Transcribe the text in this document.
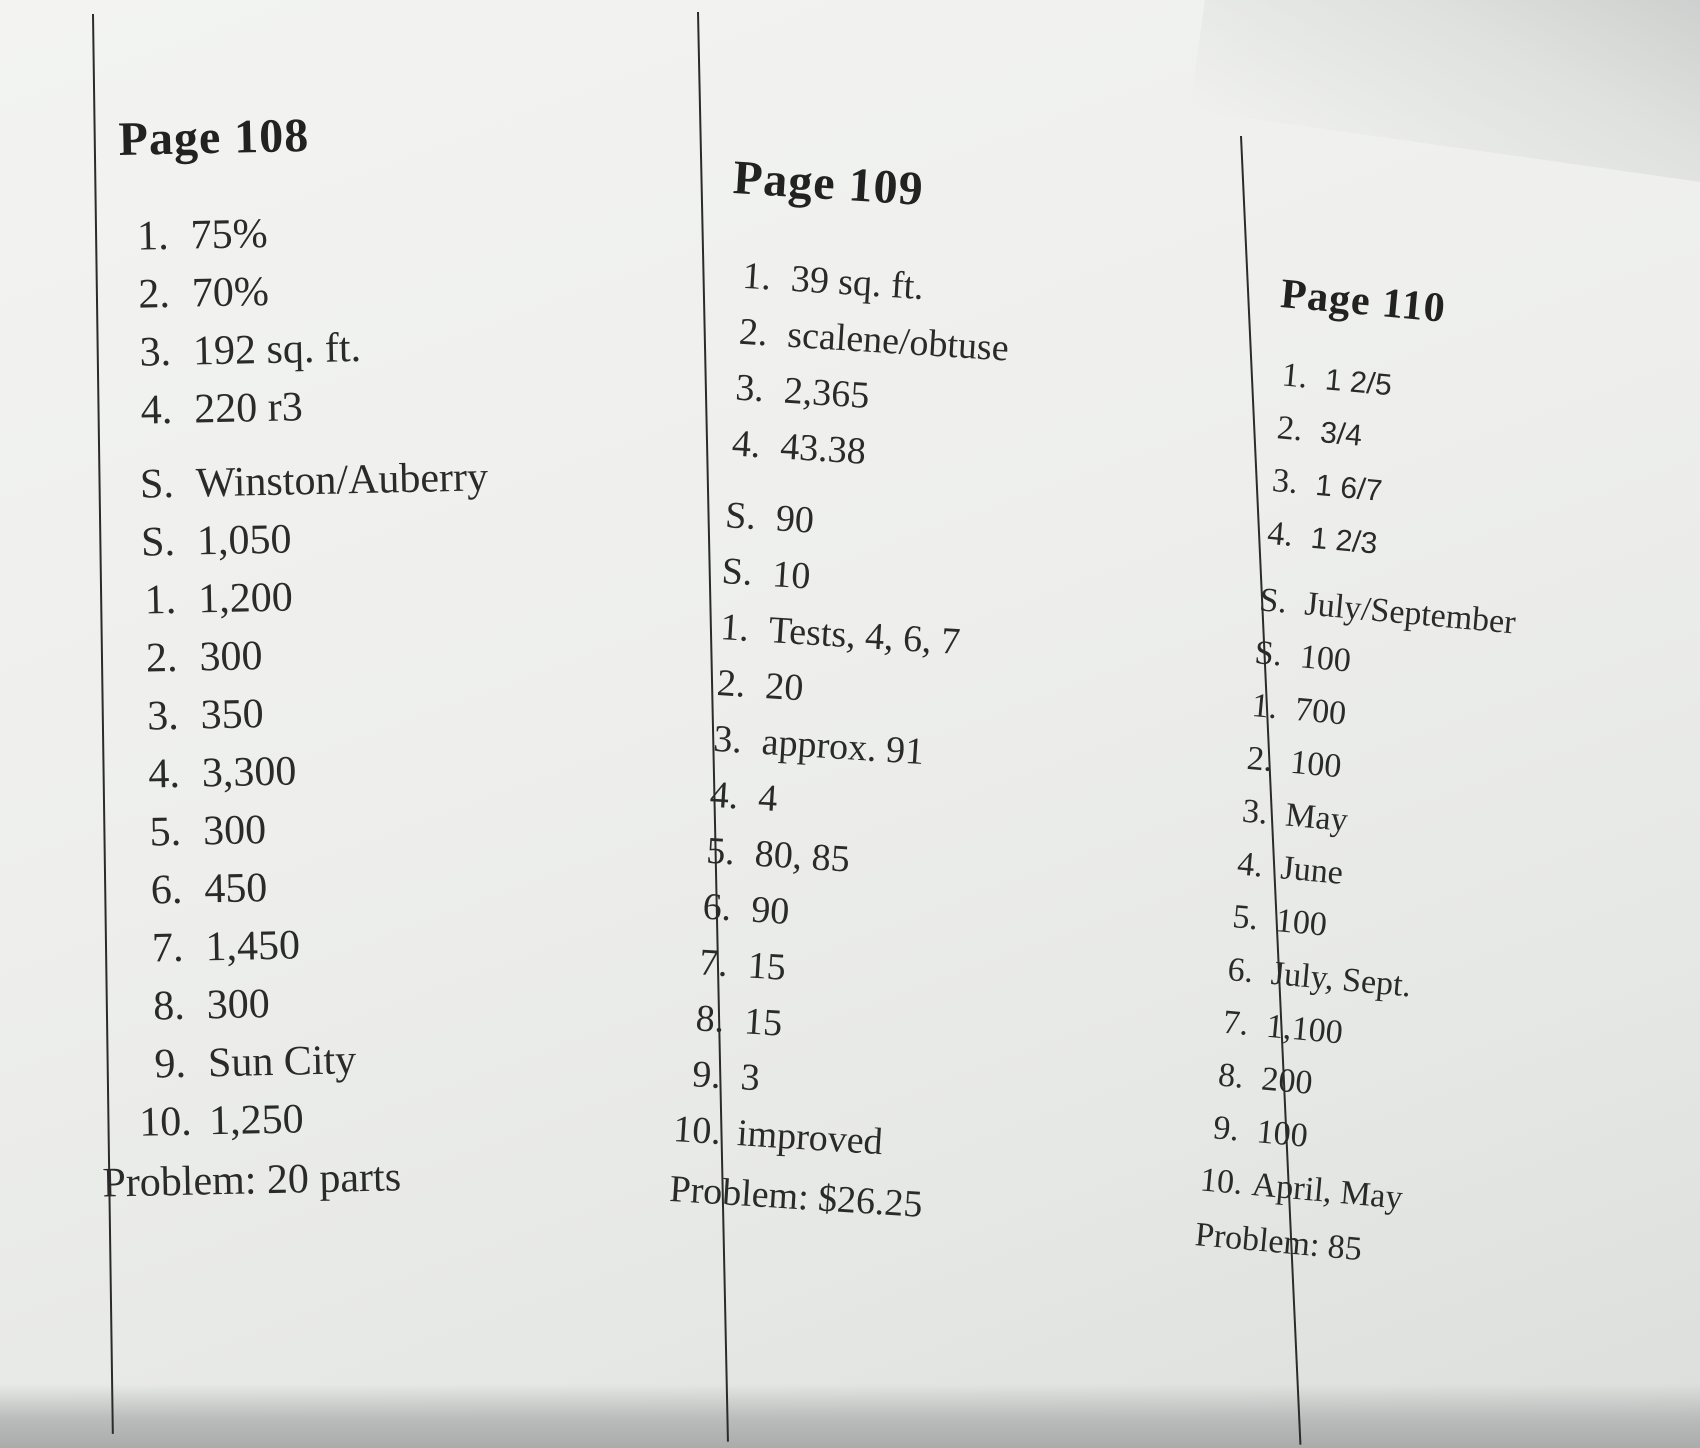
Page 108
1. 75%
2. 70%
3. 192 sq. ft.
4. 220 r3
S. Winston/Auberry
S. 1,050
1. 1,200
2. 300
3. 350
4. 3,300
5. 300
6. 450
7. 1,450
8. 300
9. Sun City
10. 1,250
Problem: 20 parts
Page 109
1. 39 sq. ft.
2. scalene/obtuse
3. 2,365
4. 43.38
S. 90
S. 10
1. Tests, 4, 6, 7
2. 20
3. approx. 91
4. 4
5. 80, 85
6. 90
7. 15
8. 15
9. 3
10. improved
Problem: $26.25
Page 110
1. 1 2/5
2. 3/4
3. 1 6/7
4. 1 2/3
S. July/September
S. 100
1. 700
2. 100
3. May
4. June
5. 100
6. July, Sept.
7. 1,100
8. 200
9. 100
10. April, May
Problem: 85
